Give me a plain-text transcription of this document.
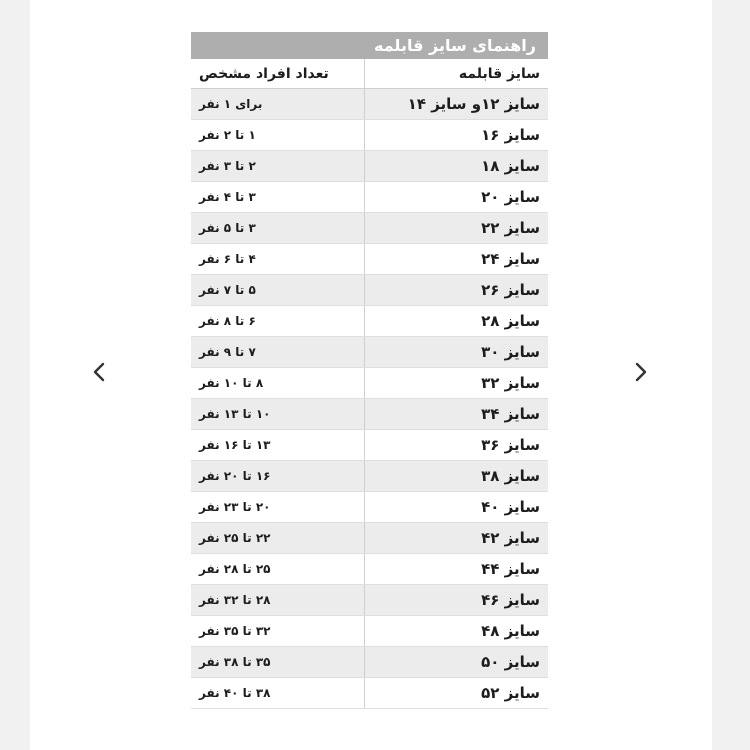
راهنمای سایز قابلمه	
سایز قابلمه	تعداد افراد مشخص
سایز ۱۲و سایز ۱۴	برای ۱ نفر
سایز ۱۶	۱ تا ۲ نفر
سایز ۱۸	۲ تا ۳ نفر
سایز ۲۰	۳ تا ۴ نفر
سایز ۲۲	۳ تا ۵ نفر
سایز ۲۴	۴ تا ۶ نفر
سایز ۲۶	۵ تا ۷ نفر
سایز ۲۸	۶ تا ۸ نفر
سایز ۳۰	۷ تا ۹ نفر
سایز ۳۲	۸ تا ۱۰ نفر
سایز ۳۴	۱۰ تا ۱۳ نفر
سایز ۳۶	۱۳ تا ۱۶ نفر
سایز ۳۸	۱۶ تا ۲۰ نفر
سایز ۴۰	۲۰ تا ۲۳ نفر
سایز ۴۲	۲۲ تا ۲۵ نفر
سایز ۴۴	۲۵ تا ۲۸ نفر
سایز ۴۶	۲۸ تا ۳۲ نفر
سایز ۴۸	۳۲ تا ۳۵ نفر
سایز ۵۰	۳۵ تا ۳۸ نفر
سایز ۵۲	۳۸ تا ۴۰ نفر
